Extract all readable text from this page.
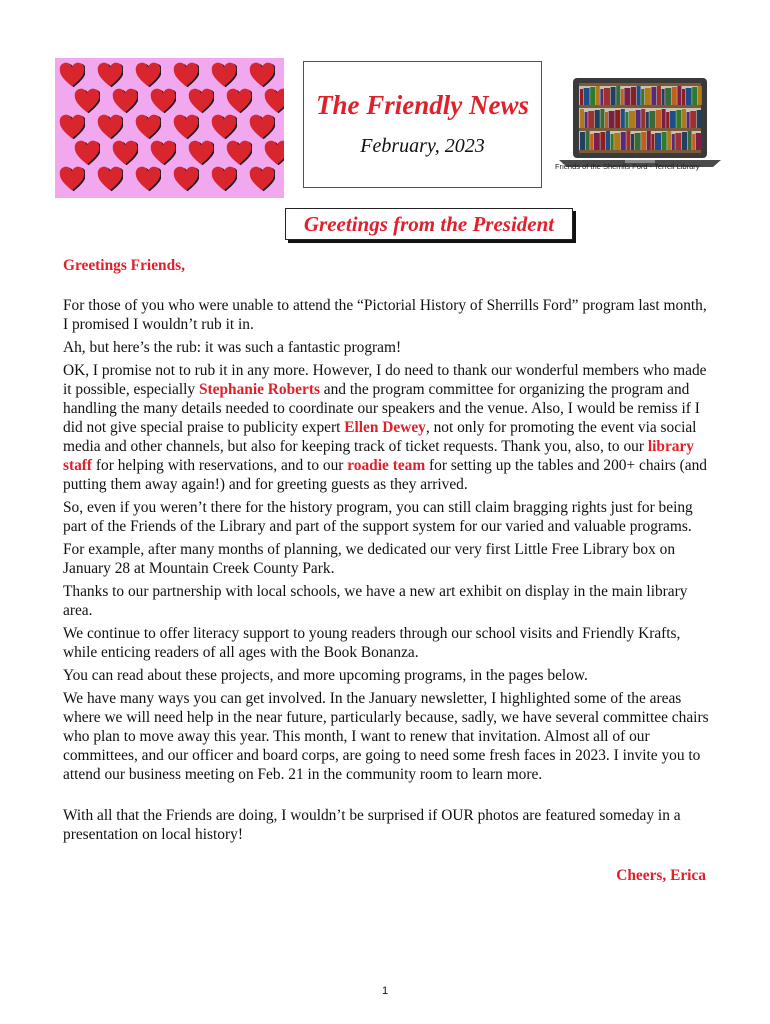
The Friendly News
February, 2023
Friends of the Sherrills Ford - Terrell Library
Greetings from the President
Greetings Friends,

For those of you who were unable to attend the “Pictorial History of Sherrills Ford” program last month, I promised I wouldn’t rub it in.

Ah, but here’s the rub: it was such a fantastic program!

OK, I promise not to rub it in any more. However, I do need to thank our wonderful members who made it possible, especially Stephanie Roberts and the program committee for organizing the program and handling the many details needed to coordinate our speakers and the venue. Also, I would be remiss if I did not give special praise to publicity expert Ellen Dewey, not only for promoting the event via social media and other channels, but also for keeping track of ticket requests. Thank you, also, to our library staff for helping with reservations, and to our roadie team for setting up the tables and 200+ chairs (and putting them away again!) and for greeting guests as they arrived.

So, even if you weren’t there for the history program, you can still claim bragging rights just for being part of the Friends of the Library and part of the support system for our varied and valuable programs.

For example, after many months of planning, we dedicated our very first Little Free Library box on January 28 at Mountain Creek County Park.

Thanks to our partnership with local schools, we have a new art exhibit on display in the main library area.

We continue to offer literacy support to young readers through our school visits and Friendly Krafts, while enticing readers of all ages with the Book Bonanza.

You can read about these projects, and more upcoming programs, in the pages below.

We have many ways you can get involved. In the January newsletter, I highlighted some of the areas where we will need help in the near future, particularly because, sadly, we have several committee chairs who plan to move away this year. This month, I want to renew that invitation. Almost all of our committees, and our officer and board corps, are going to need some fresh faces in 2023. I invite you to attend our business meeting on Feb. 21 in the community room to learn more.

With all that the Friends are doing, I wouldn’t be surprised if OUR photos are featured someday in a presentation on local history!

Cheers, Erica
1
